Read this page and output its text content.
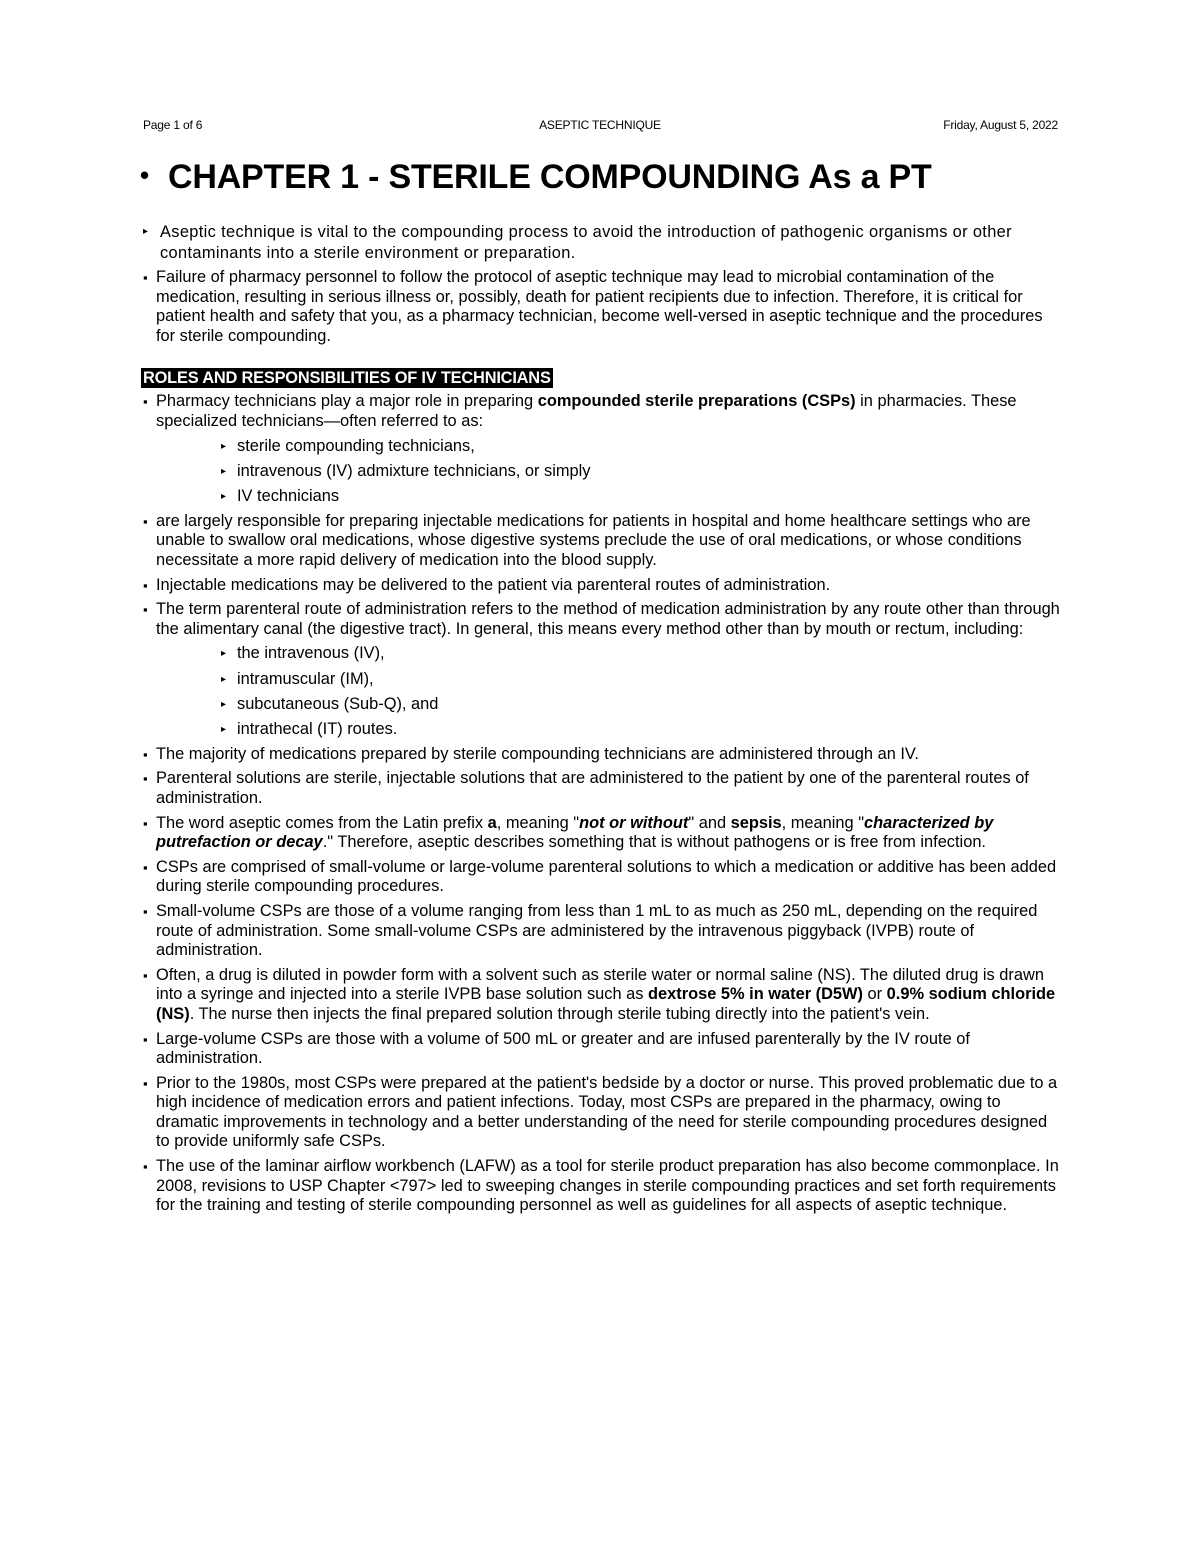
Page 1 of 6	ASEPTIC TECHNIQUE	Friday, August 5, 2022
• CHAPTER 1 - STERILE COMPOUNDING As a PT
▸ Aseptic technique is vital to the compounding process to avoid the introduction of pathogenic organisms or other contaminants into a sterile environment or preparation.
▪ Failure of pharmacy personnel to follow the protocol of aseptic technique may lead to microbial contamination of the medication, resulting in serious illness or, possibly, death for patient recipients due to infection. Therefore, it is critical for patient health and safety that you, as a pharmacy technician, become well-versed in aseptic technique and the procedures for sterile compounding.
ROLES AND RESPONSIBILITIES OF IV TECHNICIANS
▪ Pharmacy technicians play a major role in preparing compounded sterile preparations (CSPs) in pharmacies. These specialized technicians—often referred to as:
▸ sterile compounding technicians,
▸ intravenous (IV) admixture technicians, or simply
▸ IV technicians
▪ are largely responsible for preparing injectable medications for patients in hospital and home healthcare settings who are unable to swallow oral medications, whose digestive systems preclude the use of oral medications, or whose conditions necessitate a more rapid delivery of medication into the blood supply.
▪ Injectable medications may be delivered to the patient via parenteral routes of administration.
▪ The term parenteral route of administration refers to the method of medication administration by any route other than through the alimentary canal (the digestive tract). In general, this means every method other than by mouth or rectum, including:
▸ the intravenous (IV),
▸ intramuscular (IM),
▸ subcutaneous (Sub-Q), and
▸ intrathecal (IT) routes.
▪ The majority of medications prepared by sterile compounding technicians are administered through an IV.
▪ Parenteral solutions are sterile, injectable solutions that are administered to the patient by one of the parenteral routes of administration.
▪ The word aseptic comes from the Latin prefix a, meaning "not or without" and sepsis, meaning "characterized by putrefaction or decay." Therefore, aseptic describes something that is without pathogens or is free from infection.
▪ CSPs are comprised of small-volume or large-volume parenteral solutions to which a medication or additive has been added during sterile compounding procedures.
▪ Small-volume CSPs are those of a volume ranging from less than 1 mL to as much as 250 mL, depending on the required route of administration. Some small-volume CSPs are administered by the intravenous piggyback (IVPB) route of administration.
▪ Often, a drug is diluted in powder form with a solvent such as sterile water or normal saline (NS). The diluted drug is drawn into a syringe and injected into a sterile IVPB base solution such as dextrose 5% in water (D5W) or 0.9% sodium chloride (NS). The nurse then injects the final prepared solution through sterile tubing directly into the patient's vein.
▪ Large-volume CSPs are those with a volume of 500 mL or greater and are infused parenterally by the IV route of administration.
▪ Prior to the 1980s, most CSPs were prepared at the patient's bedside by a doctor or nurse. This proved problematic due to a high incidence of medication errors and patient infections. Today, most CSPs are prepared in the pharmacy, owing to dramatic improvements in technology and a better understanding of the need for sterile compounding procedures designed to provide uniformly safe CSPs.
▪ The use of the laminar airflow workbench (LAFW) as a tool for sterile product preparation has also become commonplace. In 2008, revisions to USP Chapter <797> led to sweeping changes in sterile compounding practices and set forth requirements for the training and testing of sterile compounding personnel as well as guidelines for all aspects of aseptic technique.
